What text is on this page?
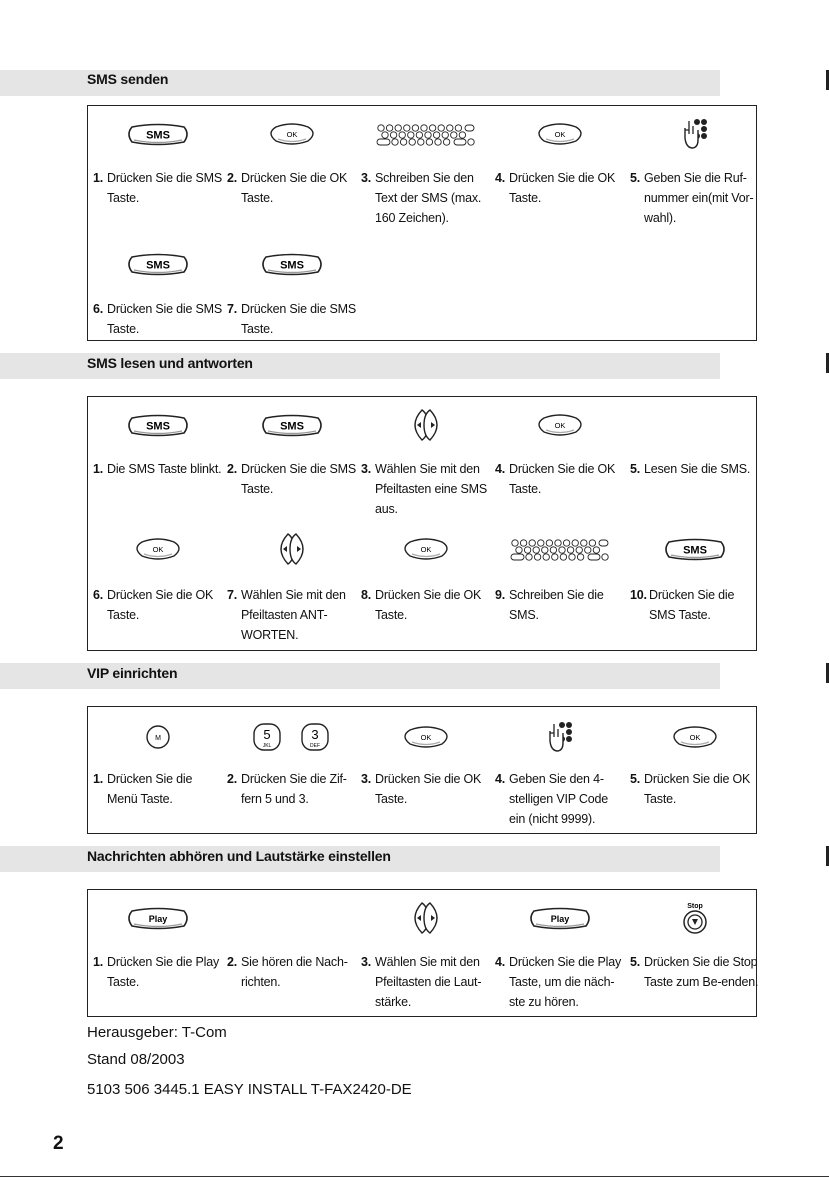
SMS senden
SMS lesen und antworten
VIP einrichten
Nachrichten abhören und Lautstärke einstellen
SMS
1. Drücken Sie die SMS Taste.
OK
2. Drücken Sie die OK Taste.
3. Schreiben Sie den Text der SMS (max. 160 Zeichen).
OK
4. Drücken Sie die OK Taste.
5. Geben Sie die Ruf-nummer ein(mit Vor-wahl).
SMS
6. Drücken Sie die SMS Taste.
SMS
7. Drücken Sie die SMS Taste.
SMS
1. Die SMS Taste blinkt.
SMS
2. Drücken Sie die SMS Taste.
3. Wählen Sie mit den Pfeiltasten eine SMS aus.
OK
4. Drücken Sie die OK Taste.
5. Lesen Sie die SMS.
OK
6. Drücken Sie die OK Taste.
7. Wählen Sie mit den Pfeiltasten ANT-WORTEN.
OK
8. Drücken Sie die OK Taste.
9. Schreiben Sie die SMS.
SMS
10. Drücken Sie die SMS Taste.
M
1. Drücken Sie die Menü Taste.
5
JKL
3
DEF
2. Drücken Sie die Zif-fern 5 und 3.
OK
3. Drücken Sie die OK Taste.
4. Geben Sie den 4-stelligen VIP Code ein (nicht 9999).
OK
5. Drücken Sie die OK Taste.
Play
1. Drücken Sie die Play Taste.
2. Sie hören die Nach-richten.
3. Wählen Sie mit den Pfeiltasten die Laut-stärke.
Play
4. Drücken Sie die Play Taste, um die näch-ste zu hören.
Stop
5. Drücken Sie die Stop Taste zum Be-enden.
Herausgeber: T-Com
Stand 08/2003
5103 506 3445.1 EASY INSTALL T-FAX2420-DE
2
